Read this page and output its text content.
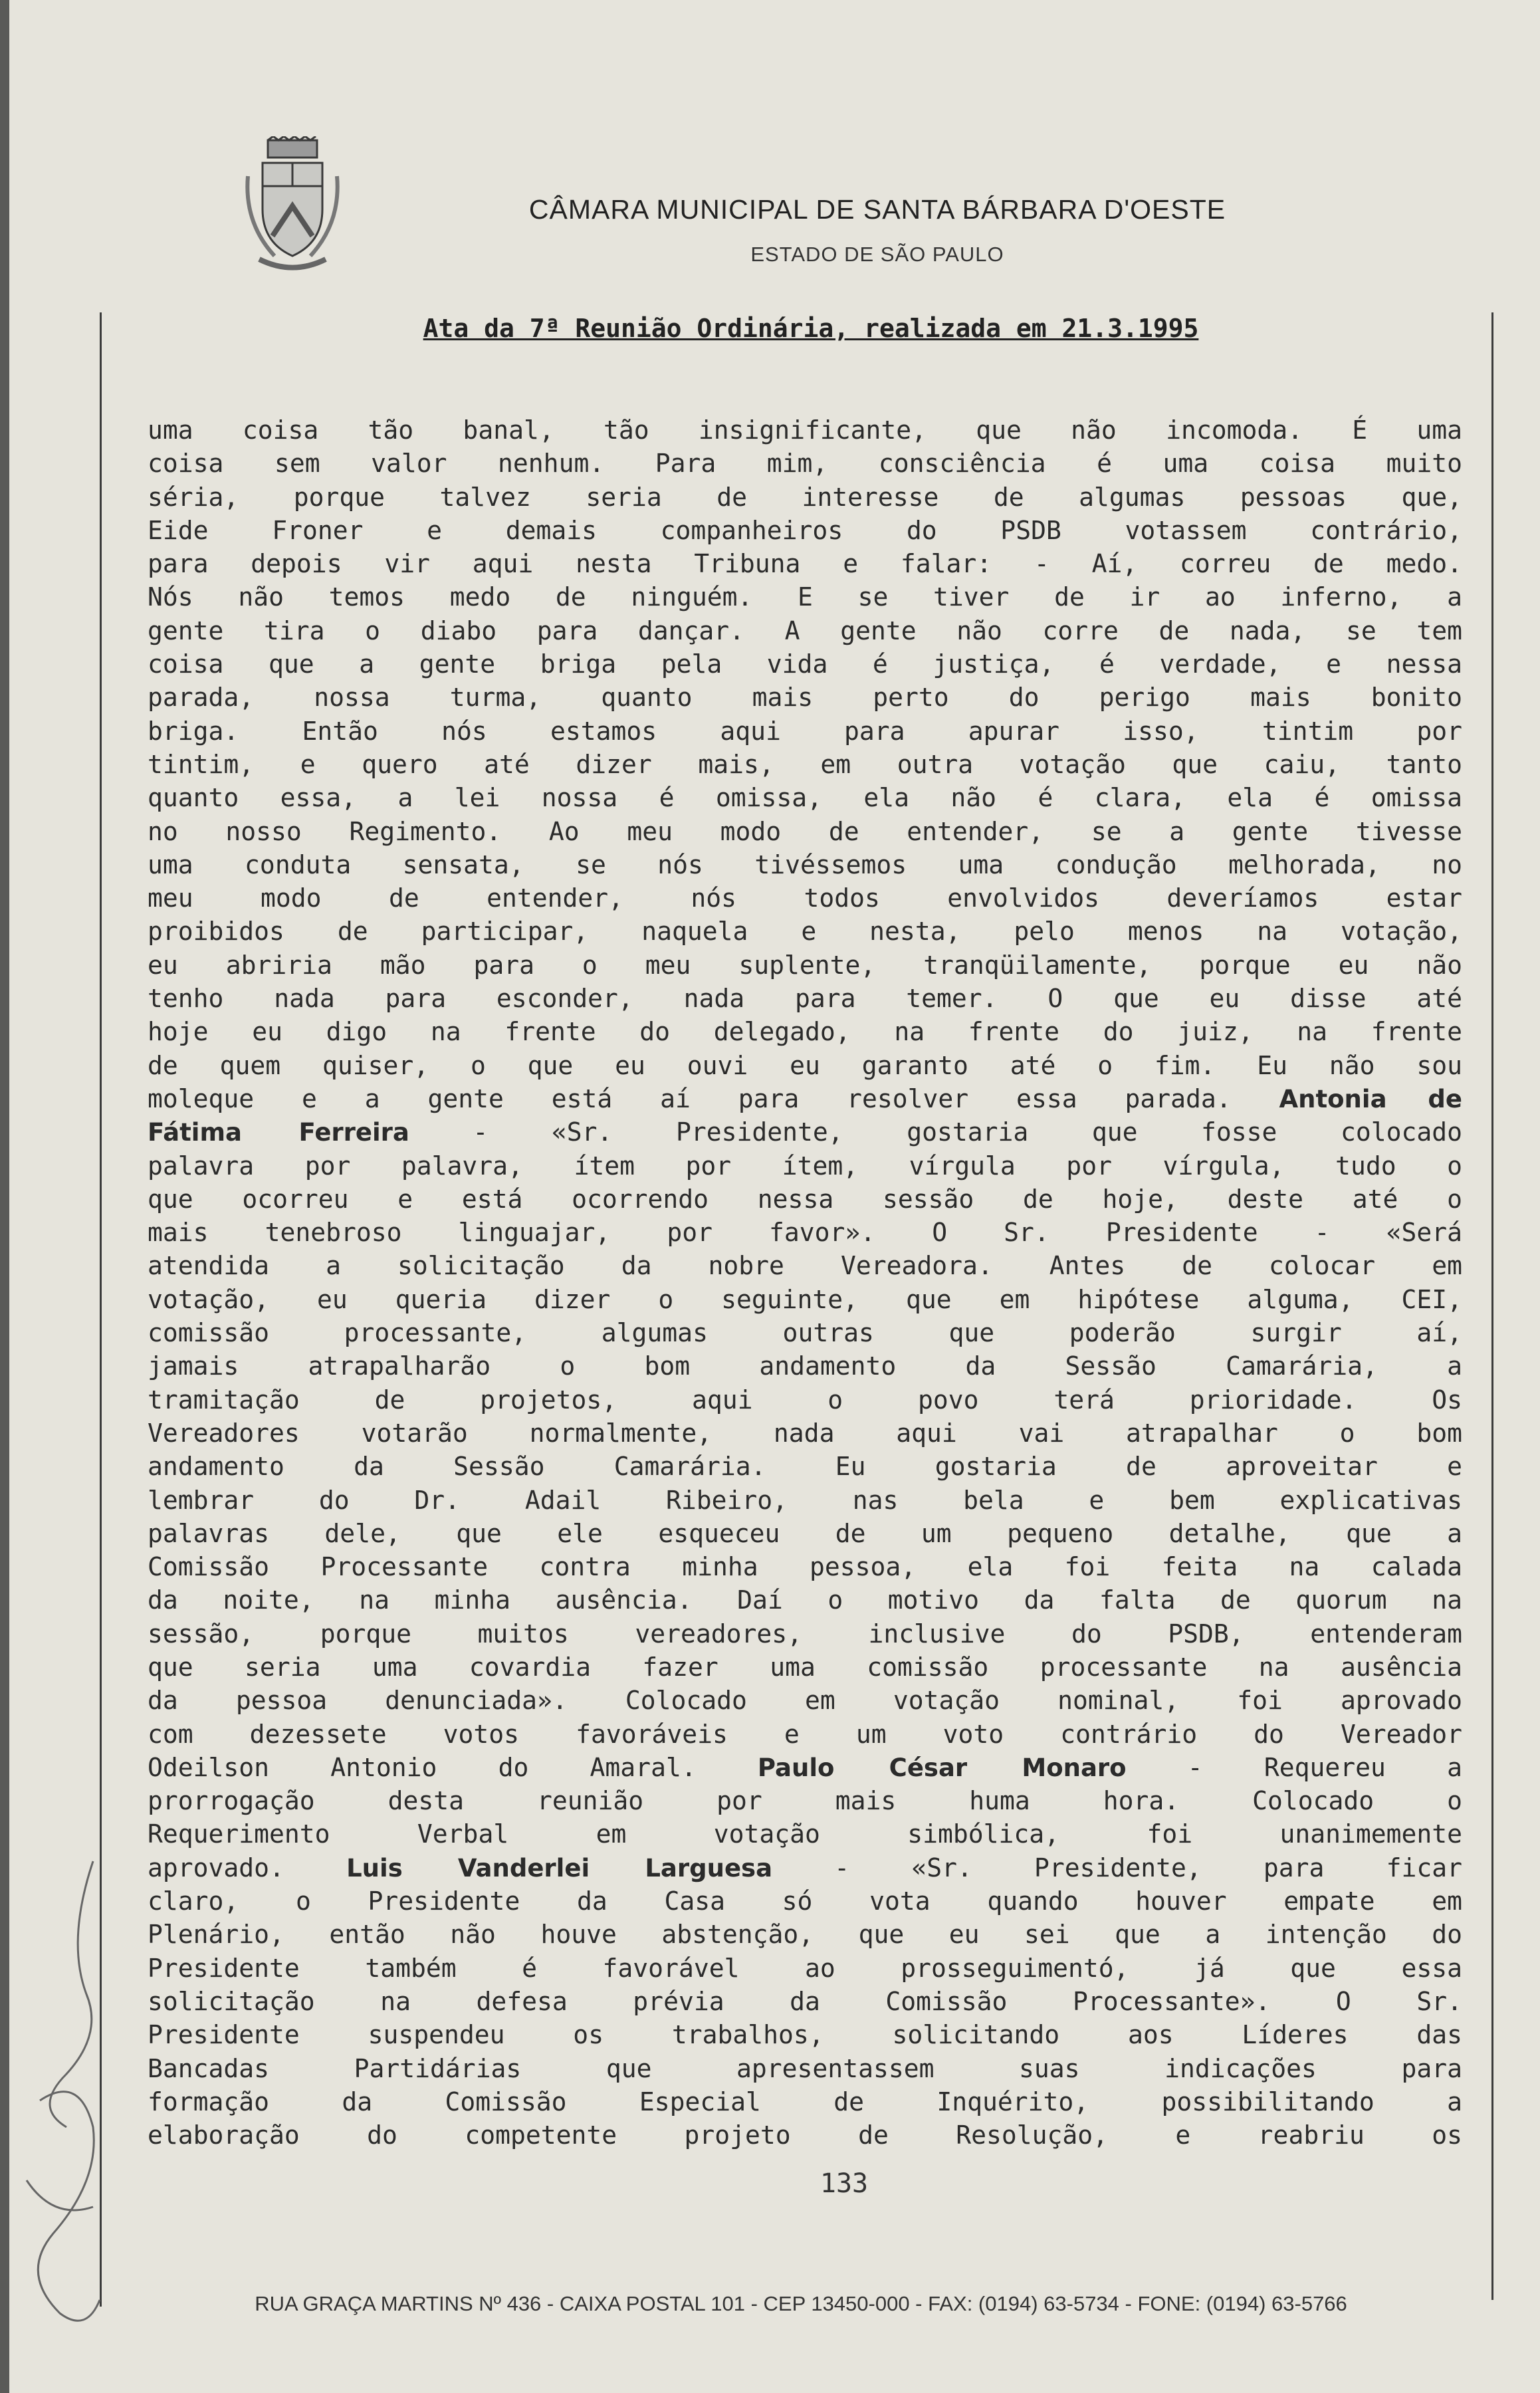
CÂMARA MUNICIPAL DE SANTA BÁRBARA D'OESTE
ESTADO DE SÃO PAULO
Ata da 7ª Reunião Ordinária, realizada em 21.3.1995
uma coisa tão banal, tão insignificante, que não incomoda. É uma
coisa sem valor nenhum. Para mim, consciência é uma coisa muito
séria, porque talvez seria de interesse de algumas pessoas que,
Eide Froner e demais companheiros do PSDB votassem contrário,
para depois vir aqui nesta Tribuna e falar: - Aí, correu de medo.
Nós não temos medo de ninguém. E se tiver de ir ao inferno, a
gente tira o diabo para dançar. A gente não corre de nada, se tem
coisa que a gente briga pela vida é justiça, é verdade, e nessa
parada, nossa turma, quanto mais perto do perigo mais bonito
briga. Então nós estamos aqui para apurar isso, tintim por
tintim, e quero até dizer mais, em outra votação que caiu, tanto
quanto essa, a lei nossa é omissa, ela não é clara, ela é omissa
no nosso Regimento. Ao meu modo de entender, se a gente tivesse
uma conduta sensata, se nós tivéssemos uma condução melhorada, no
meu modo de entender, nós todos envolvidos deveríamos estar
proibidos de participar, naquela e nesta, pelo menos na votação,
eu abriria mão para o meu suplente, tranqüilamente, porque eu não
tenho nada para esconder, nada para temer. O que eu disse até
hoje eu digo na frente do delegado, na frente do juiz, na frente
de quem quiser, o que eu ouvi eu garanto até o fim. Eu não sou
moleque e a gente está aí para resolver essa parada. Antonia de
Fátima Ferreira - «Sr. Presidente, gostaria que fosse colocado
palavra por palavra, ítem por ítem, vírgula por vírgula, tudo o
que ocorreu e está ocorrendo nessa sessão de hoje, deste até o
mais tenebroso linguajar, por favor». O Sr. Presidente - «Será
atendida a solicitação da nobre Vereadora. Antes de colocar em
votação, eu queria dizer o seguinte, que em hipótese alguma, CEI,
comissão processante, algumas outras que poderão surgir aí,
jamais atrapalharão o bom andamento da Sessão Camarária, a
tramitação de projetos, aqui o povo terá prioridade. Os
Vereadores votarão normalmente, nada aqui vai atrapalhar o bom
andamento da Sessão Camarária. Eu gostaria de aproveitar e
lembrar do Dr. Adail Ribeiro, nas bela e bem explicativas
palavras dele, que ele esqueceu de um pequeno detalhe, que a
Comissão Processante contra minha pessoa, ela foi feita na calada
da noite, na minha ausência. Daí o motivo da falta de quorum na
sessão, porque muitos vereadores, inclusive do PSDB, entenderam
que seria uma covardia fazer uma comissão processante na ausência
da pessoa denunciada». Colocado em votação nominal, foi aprovado
com dezessete votos favoráveis e um voto contrário do Vereador
Odeilson Antonio do Amaral. Paulo César Monaro - Requereu a
prorrogação desta reunião por mais huma hora. Colocado o
Requerimento Verbal em votação simbólica, foi unanimemente
aprovado. Luis Vanderlei Larguesa - «Sr. Presidente, para ficar
claro, o Presidente da Casa só vota quando houver empate em
Plenário, então não houve abstenção, que eu sei que a intenção do
Presidente também é favorável ao prosseguimentó, já que essa
solicitação na defesa prévia da Comissão Processante». O Sr.
Presidente suspendeu os trabalhos, solicitando aos Líderes das
Bancadas Partidárias que apresentassem suas indicações para
formação da Comissão Especial de Inquérito, possibilitando a
elaboração do competente projeto de Resolução, e reabriu os
133
RUA GRAÇA MARTINS Nº 436 - CAIXA POSTAL 101 - CEP 13450-000 - FAX: (0194) 63-5734 - FONE: (0194) 63-5766
